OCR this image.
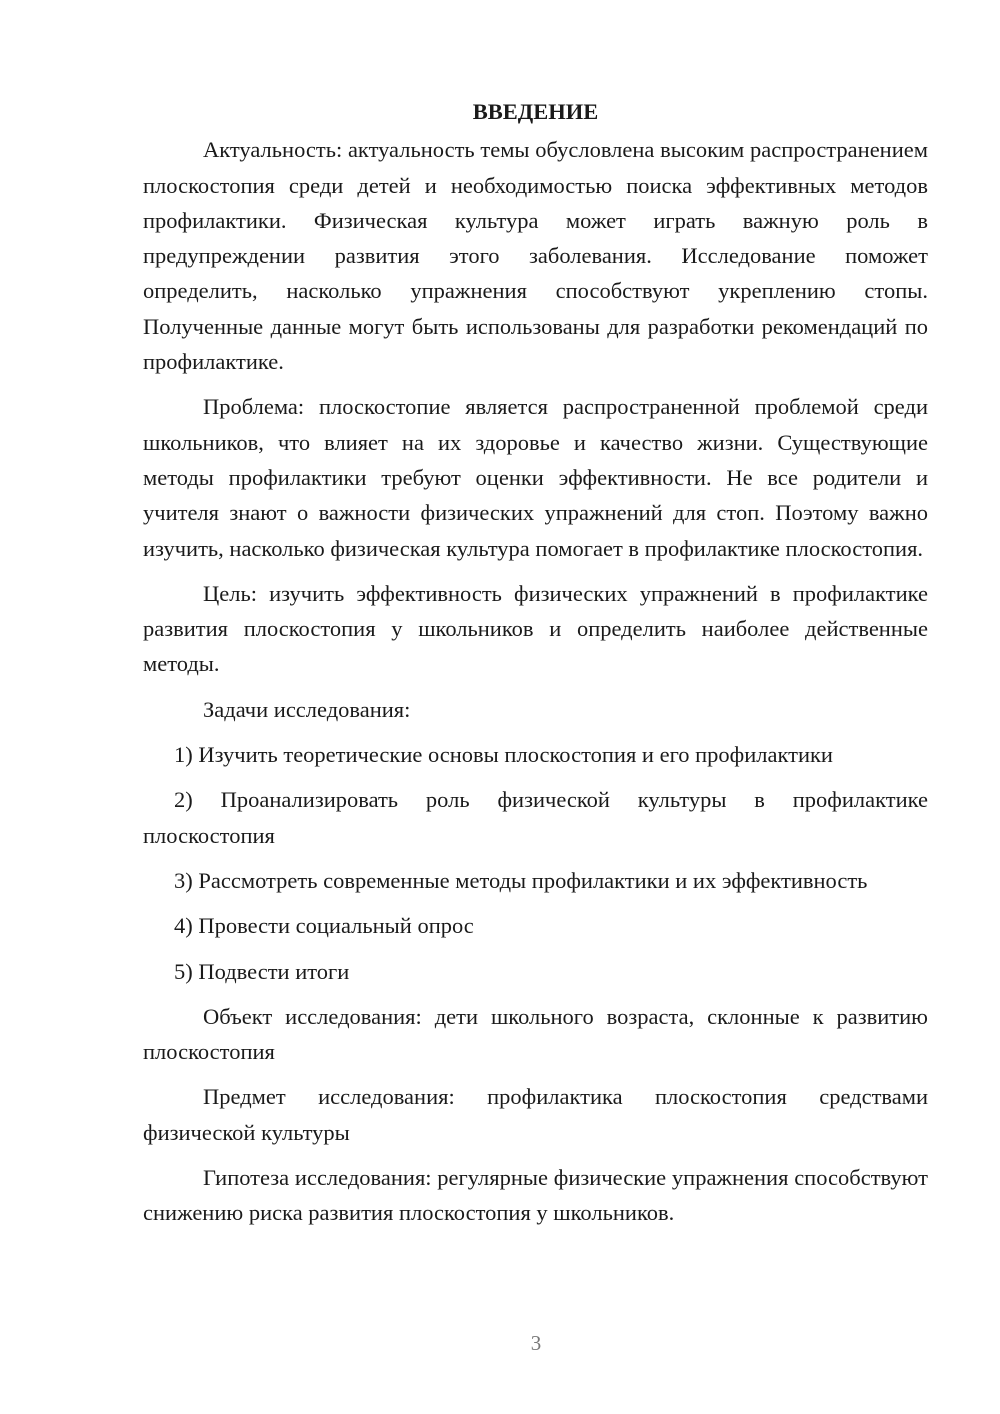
ВВЕДЕНИЕ

Актуальность: актуальность темы обусловлена высоким распространением плоскостопия среди детей и необходимостью поиска эффективных методов профилактики. Физическая культура может играть важную роль в предупреждении развития этого заболевания. Исследование поможет определить, насколько упражнения способствуют укреплению стопы. Полученные данные могут быть использованы для разработки рекомендаций по профилактике.

Проблема: плоскостопие является распространенной проблемой среди школьников, что влияет на их здоровье и качество жизни. Существующие методы профилактики требуют оценки эффективности. Не все родители и учителя знают о важности физических упражнений для стоп. Поэтому важно изучить, насколько физическая культура помогает в профилактике плоскостопия.

Цель: изучить эффективность физических упражнений в профилактике развития плоскостопия у школьников и определить наиболее действенные методы.

Задачи исследования:

1) Изучить теоретические основы плоскостопия и его профилактики

2) Проанализировать роль физической культуры в профилактике плоскостопия

3) Рассмотреть современные методы профилактики и их эффективность

4) Провести социальный опрос

5) Подвести итоги

Объект исследования: дети школьного возраста, склонные к развитию плоскостопия

Предмет исследования: профилактика плоскостопия средствами физической культуры

Гипотеза исследования: регулярные физические упражнения способствуют снижению риска развития плоскостопия у школьников.

3
